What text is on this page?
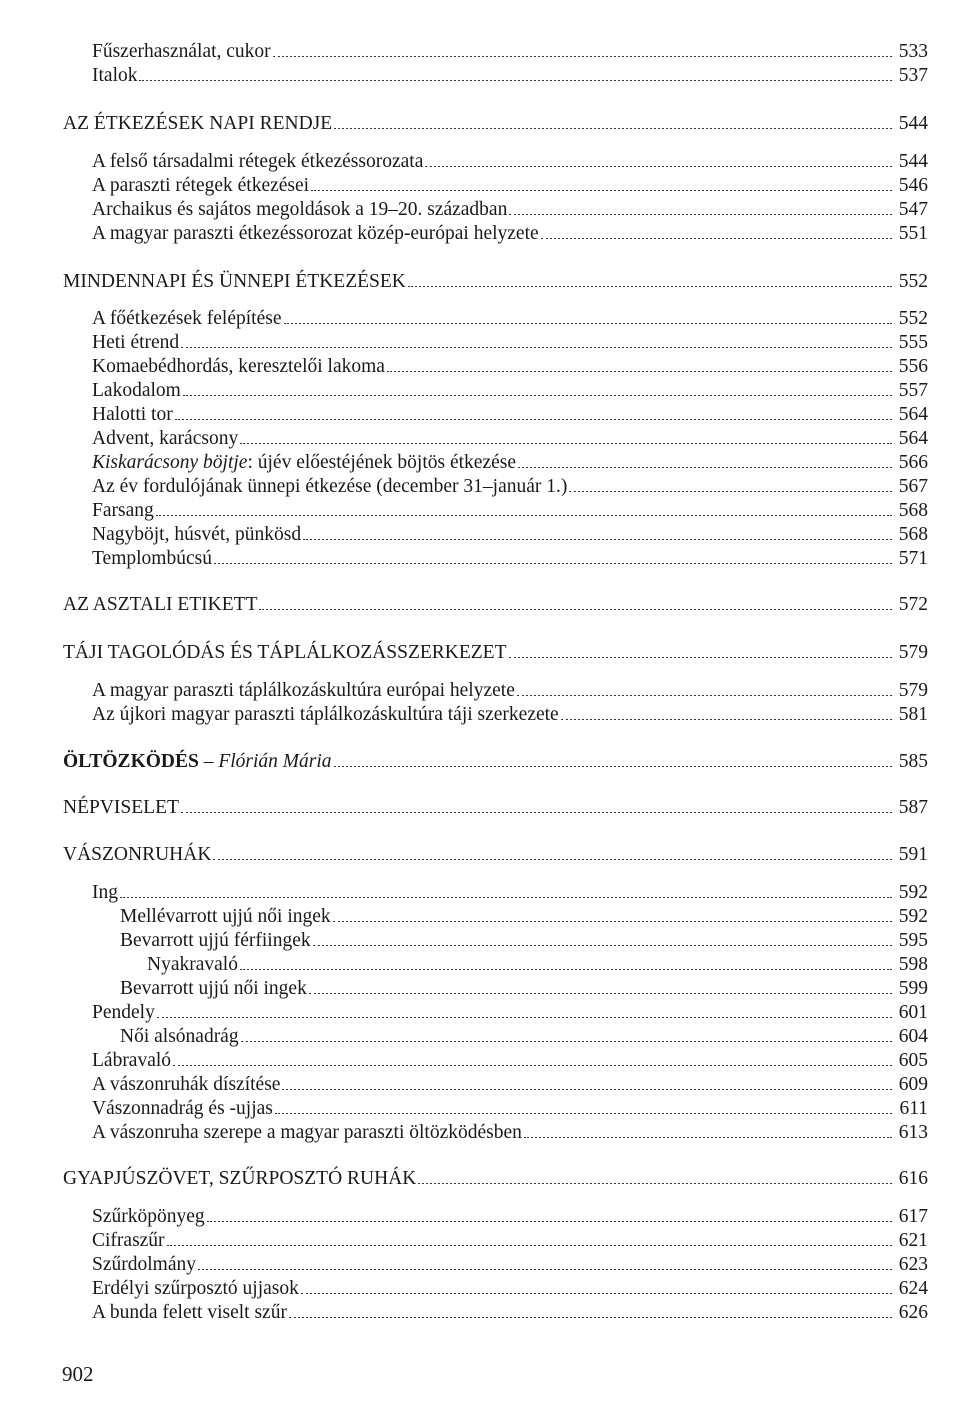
Fűszerhasználat, cukor	533
Italok	537
AZ ÉTKEZÉSEK NAPI RENDJE	544
A felső társadalmi rétegek étkezéssorozata	544
A paraszti rétegek étkezései	546
Archaikus és sajátos megoldások a 19–20. században	547
A magyar paraszti étkezéssorozat közép-európai helyzete	551
MINDENNAPI ÉS ÜNNEPI ÉTKEZÉSEK	552
A főétkezések felépítése	552
Heti étrend	555
Komaebédhordás, keresztelői lakoma	556
Lakodalom	557
Halotti tor	564
Advent, karácsony	564
Kiskarácsony böjtje: újév előestéjének böjtös étkezése	566
Az év fordulójának ünnepi étkezése (december 31–január 1.)	567
Farsang	568
Nagyböjt, húsvét, pünkösd	568
Templombúcsú	571
AZ ASZTALI ETIKETT	572
TÁJI TAGOLÓDÁS ÉS TÁPLÁLKOZÁSSZERKEZET	579
A magyar paraszti táplálkozáskultúra európai helyzete	579
Az újkori magyar paraszti táplálkozáskultúra táji szerkezete	581
ÖLTÖZKÖDÉS – Flórián Mária	585
NÉPVISELET	587
VÁSZONRUHÁK	591
Ing	592
Mellévarrott ujjú női ingek	592
Bevarrott ujjú férfiingek	595
Nyakravaló	598
Bevarrott ujjú női ingek	599
Pendely	601
Női alsónadrág	604
Lábravaló	605
A vászonruhák díszítése	609
Vászonnadrág és -ujjas	611
A vászonruha szerepe a magyar paraszti öltözködésben	613
GYAPJÚSZÖVET, SZŰRPOSZTÓ RUHÁK	616
Szűrköpönyeg	617
Cifraszűr	621
Szűrdolmány	623
Erdélyi szűrposztó ujjasok	624
A bunda felett viselt szűr	626
902
